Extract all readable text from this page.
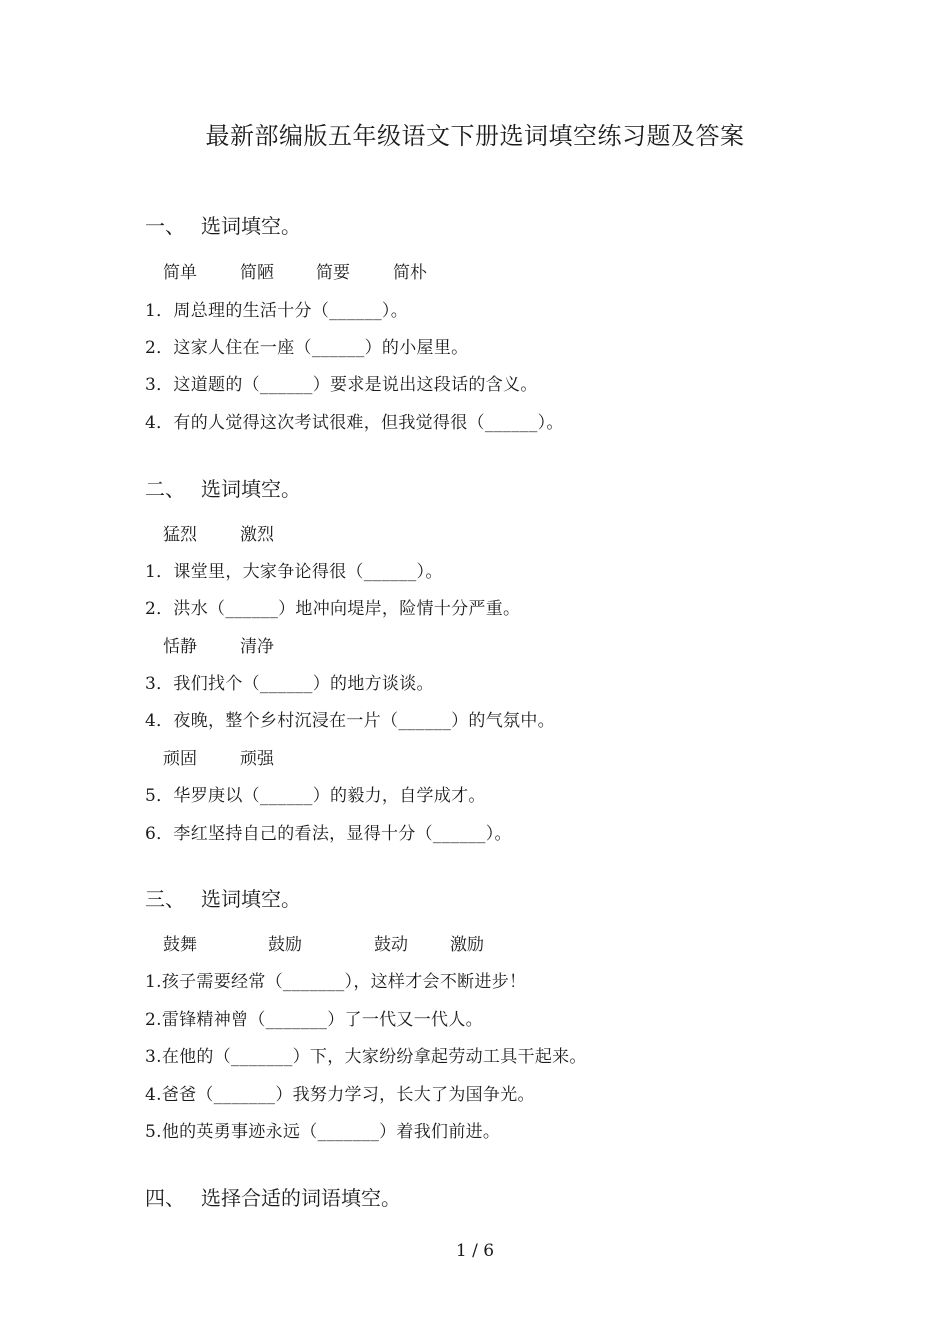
最新部编版五年级语文下册选词填空练习题及答案
一、 选词填空。
简单	简陋 简要	简朴
1．周总理的生活十分（______）。
2．这家人住在一座（______）的小屋里。
3．这道题的（______）要求是说出这段话的含义。
4．有的人觉得这次考试很难，但我觉得很（______）。
二、 选词填空。
猛烈	激烈
1．课堂里，大家争论得很（______）。
2．洪水（______）地冲向堤岸，险情十分严重。
恬静	清净
3．我们找个（______）的地方谈谈。
4．夜晚，整个乡村沉浸在一片（______）的气氛中。
顽固	顽强
5．华罗庚以（______）的毅力，自学成才。
6．李红坚持自己的看法，显得十分（______）。
三、 选词填空。
鼓舞	鼓励	鼓动 激励
1.孩子需要经常（_______），这样才会不断进步！
2.雷锋精神曾（_______）了一代又一代人。
3.在他的（_______）下，大家纷纷拿起劳动工具干起来。
4.爸爸（_______）我努力学习，长大了为国争光。
5.他的英勇事迹永远（_______）着我们前进。
四、 选择合适的词语填空。
1 / 6
